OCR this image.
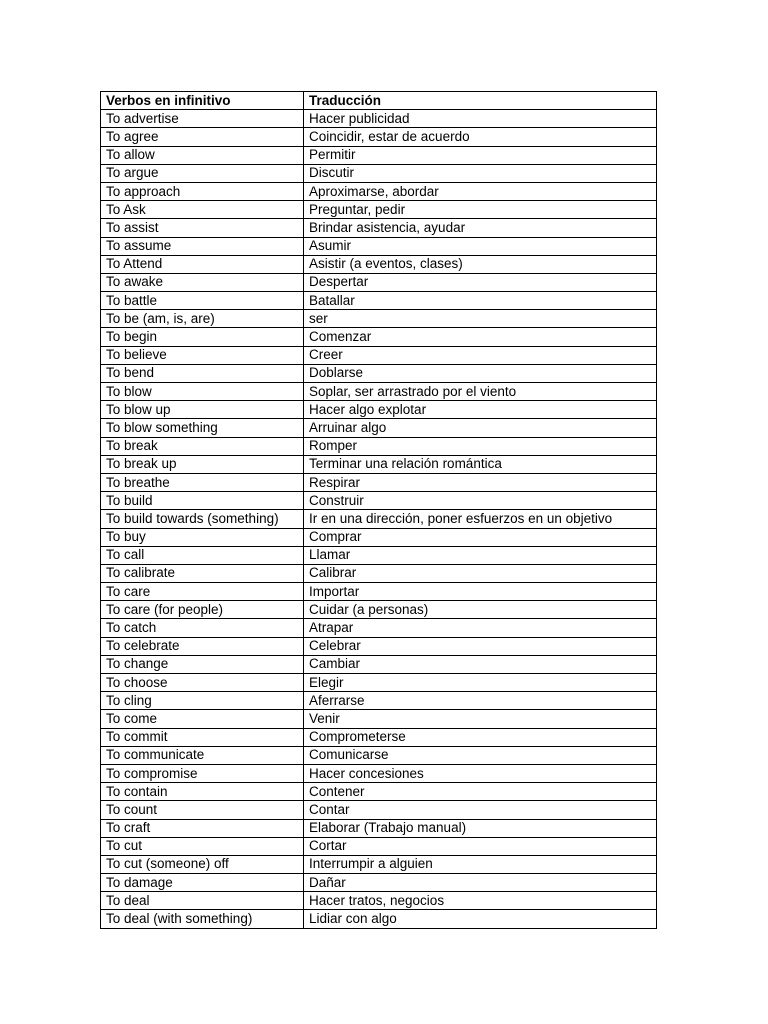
Verbos en infinitivo	Traducción
To advertise	Hacer publicidad
To agree	Coincidir, estar de acuerdo
To allow	Permitir
To argue	Discutir
To approach	Aproximarse, abordar
To Ask	Preguntar, pedir
To assist	Brindar asistencia, ayudar
To assume	Asumir
To Attend	Asistir (a eventos, clases)
To awake	Despertar
To battle	Batallar
To be (am, is, are)	ser
To begin	Comenzar
To believe	Creer
To bend	Doblarse
To blow	Soplar, ser arrastrado por el viento
To blow up	Hacer algo explotar
To blow something	Arruinar algo
To break	Romper
To break up	Terminar una relación romántica
To breathe	Respirar
To build	Construir
To build towards (something)	Ir en una dirección, poner esfuerzos en un objetivo
To buy	Comprar
To call	Llamar
To calibrate	Calibrar
To care	Importar
To care (for people)	Cuidar (a personas)
To catch	Atrapar
To celebrate	Celebrar
To change	Cambiar
To choose	Elegir
To cling	Aferrarse
To come	Venir
To commit	Comprometerse
To communicate	Comunicarse
To compromise	Hacer concesiones
To contain	Contener
To count	Contar
To craft	Elaborar (Trabajo manual)
To cut	Cortar
To cut (someone) off	Interrumpir a alguien
To damage	Dañar
To deal	Hacer tratos, negocios
To deal (with something)	Lidiar con algo
